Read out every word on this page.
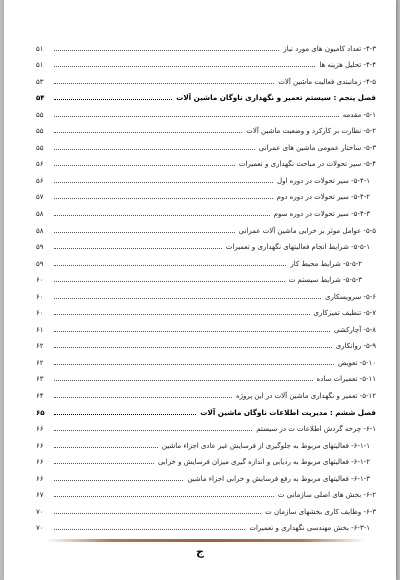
۴-۳- تعداد کامیون های مورد نیاز
۵۱
۴-۴- تحلیل هزینه ها
۵۱
۴-۵- زمانبندی فعالیت ماشین آلات
۵۳
فصل پنجم : سیستم تعمیر و نگهداری ناوگان ماشین آلات
۵۴
۵-۱- مقدمه
۵۵
۵-۲- نظارت بر کارکرد و وضعیت ماشین آلات
۵۵
۵-۳- ساختار عمومی ماشین های عمرانی
۵۵
۵-۴- سیر تحولات در مباحث نگهداری و تعمیرات
۵۶
۵-۴-۱- سیر تحولات در دوره اول
۵۶
۵-۴-۲- سیر تحولات در دوره دوم
۵۷
۵-۴-۳- سیر تحولات در دوره سوم
۵۸
۵-۵- عوامل موثر بر خرابی ماشین آلات عمرانی
۵۸
۵-۵-۱- شرایط انجام فعالیتهای نگهداری و تعمیرات
۵۹
۵-۵-۲- شرایط محیط کار
۵۹
۵-۵-۳- شرایط سیستم ت
۶۰
۵-۶- سرویسکاری
۶۰
۵-۷- تنظیف تمیزکاری
۶۰
۵-۸- آچارکشی
۶۱
۵-۹- روانکاری
۶۲
۵-۱۰- تعویض
۶۲
۵-۱۱- تعمیرات ساده
۶۳
۵-۱۲- تعمیر و نگهداری ماشین آلات در این پروژه
۶۴
فصل ششم : مدیریت اطلاعات ناوگان ماشین آلات
۶۵
۶-۱- چرخه گردش اطلاعات ت در سیستم
۶۶
۶-۱-۱- فعالیتهای مربوط به جلوگیری از فرسایش غیر عادی اجزاء ماشین
۶۶
۶-۱-۲- فعالیتهای مربوط به ردیابی و اندازه گیری میزان فرسایش و خرابی
۶۶
۶-۱-۳- فعالیتهای مربوط به رفع فرسایش و خرابی اجزاء ماشین
۶۶
۶-۲- بخش های اصلی سازمانی ت
۶۷
۶-۳- وظایف کاری بخشهای سازمان ت
۷۰
۶-۳-۱- بخش مهندسی نگهداری و تعمیرات
۷۰
ج
